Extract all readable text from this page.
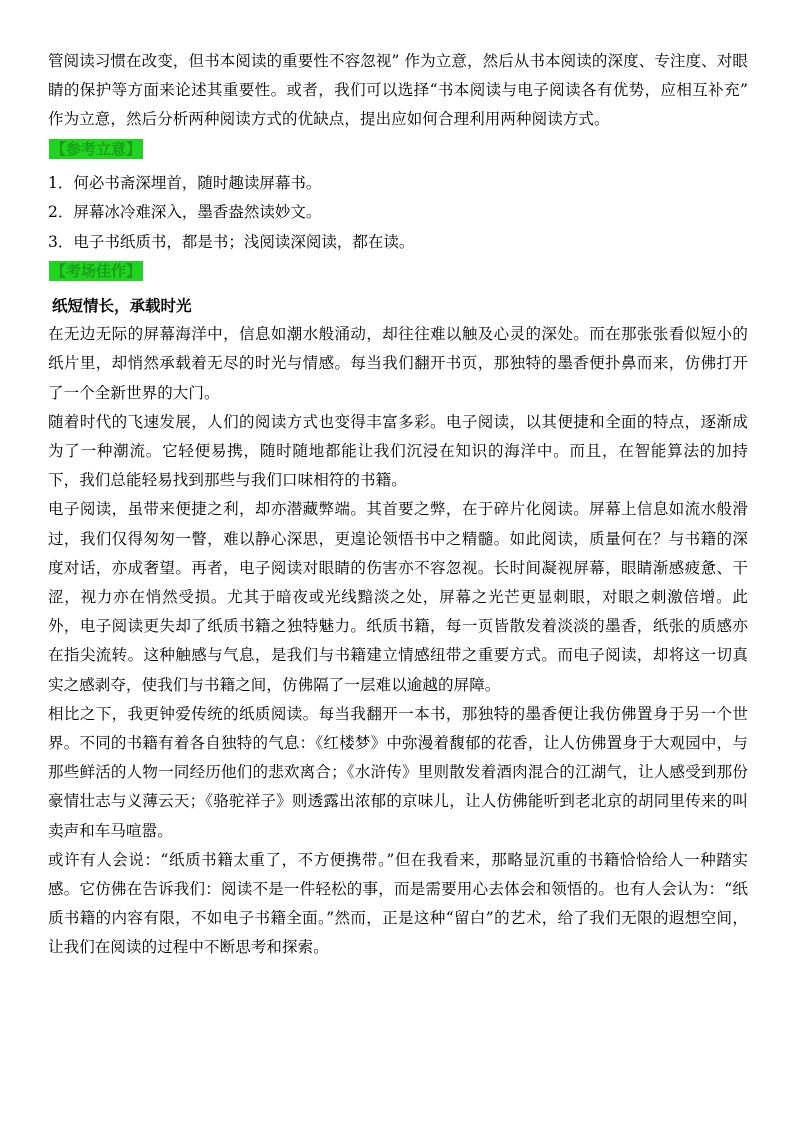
管阅读习惯在改变，但书本阅读的重要性不容忽视” 作为立意，然后从书本阅读的深度、专注度、对眼睛的保护等方面来论述其重要性。或者，我们可以选择“书本阅读与电子阅读各有优势，应相互补充” 作为立意，然后分析两种阅读方式的优缺点，提出应如何合理利用两种阅读方式。

【参考立意】
1．何必书斋深埋首，随时趣读屏幕书。
2．屏幕冰冷难深入，墨香盎然读妙文。
3．电子书纸质书，都是书；浅阅读深阅读，都在读。
【考场佳作】

纸短情长，承载时光

在无边无际的屏幕海洋中，信息如潮水般涌动，却往往难以触及心灵的深处。而在那张张看似短小的纸片里，却悄然承载着无尽的时光与情感。每当我们翻开书页，那独特的墨香便扑鼻而来，仿佛打开了一个全新世界的大门。

随着时代的飞速发展，人们的阅读方式也变得丰富多彩。电子阅读，以其便捷和全面的特点，逐渐成为了一种潮流。它轻便易携，随时随地都能让我们沉浸在知识的海洋中。而且，在智能算法的加持下，我们总能轻易找到那些与我们口味相符的书籍。

电子阅读，虽带来便捷之利，却亦潜藏弊端。其首要之弊，在于碎片化阅读。屏幕上信息如流水般滑过，我们仅得匆匆一瞥，难以静心深思，更遑论领悟书中之精髓。如此阅读，质量何在？与书籍的深度对话，亦成奢望。再者，电子阅读对眼睛的伤害亦不容忽视。长时间凝视屏幕，眼睛渐感疲惫、干涩，视力亦在悄然受损。尤其于暗夜或光线黯淡之处，屏幕之光芒更显刺眼，对眼之刺激倍增。此外，电子阅读更失却了纸质书籍之独特魅力。纸质书籍，每一页皆散发着淡淡的墨香，纸张的质感亦在指尖流转。这种触感与气息，是我们与书籍建立情感纽带之重要方式。而电子阅读，却将这一切真实之感剥夺，使我们与书籍之间，仿佛隔了一层难以逾越的屏障。

相比之下，我更钟爱传统的纸质阅读。每当我翻开一本书，那独特的墨香便让我仿佛置身于另一个世界。不同的书籍有着各自独特的气息：《红楼梦》中弥漫着馥郁的花香，让人仿佛置身于大观园中，与那些鲜活的人物一同经历他们的悲欢离合；《水浒传》里则散发着酒肉混合的江湖气，让人感受到那份豪情壮志与义薄云天；《骆驼祥子》则透露出浓郁的京味儿，让人仿佛能听到老北京的胡同里传来的叫卖声和车马喧嚣。

或许有人会说：“纸质书籍太重了，不方便携带。”但在我看来，那略显沉重的书籍恰恰给人一种踏实感。它仿佛在告诉我们：阅读不是一件轻松的事，而是需要用心去体会和领悟的。也有人会认为：“纸质书籍的内容有限，不如电子书籍全面。”然而，正是这种“留白”的艺术，给了我们无限的遐想空间，让我们在阅读的过程中不断思考和探索。
